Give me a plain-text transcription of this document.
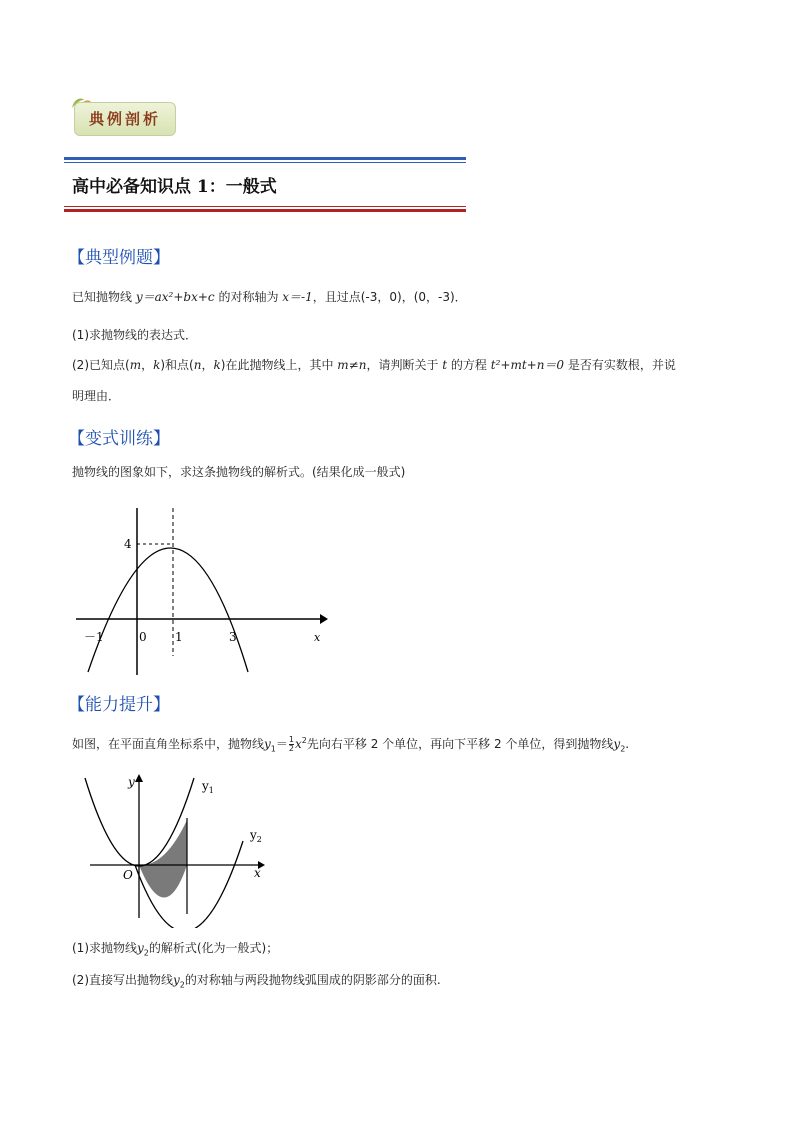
典例剖析
高中必备知识点 1：一般式
【典型例题】
已知抛物线 y＝ax²+bx+c 的对称轴为 x＝-1，且过点(-3，0)，(0，-3)．
(1)求抛物线的表达式．
(2)已知点(m，k)和点(n，k)在此抛物线上，其中 m≠n，请判断关于 t 的方程 t²+mt+n＝0 是否有实数根，并说
明理由．
【变式训练】
抛物线的图象如下，求这条抛物线的解析式。(结果化成一般式)
4
－1	0 1	3	x
【能力提升】
如图，在平面直角坐标系中，抛物线$y_1= \frac{1}{2} x^2$先向右平移 2 个单位，再向下平移 2 个单位，得到抛物线$y_2$.
y	$y_1$
$y_2$
O	x
(1)求抛物线$y_2$的解析式(化为一般式)；
(2)直接写出抛物线$y_2$的对称轴与两段抛物线弧围成的阴影部分的面积.
